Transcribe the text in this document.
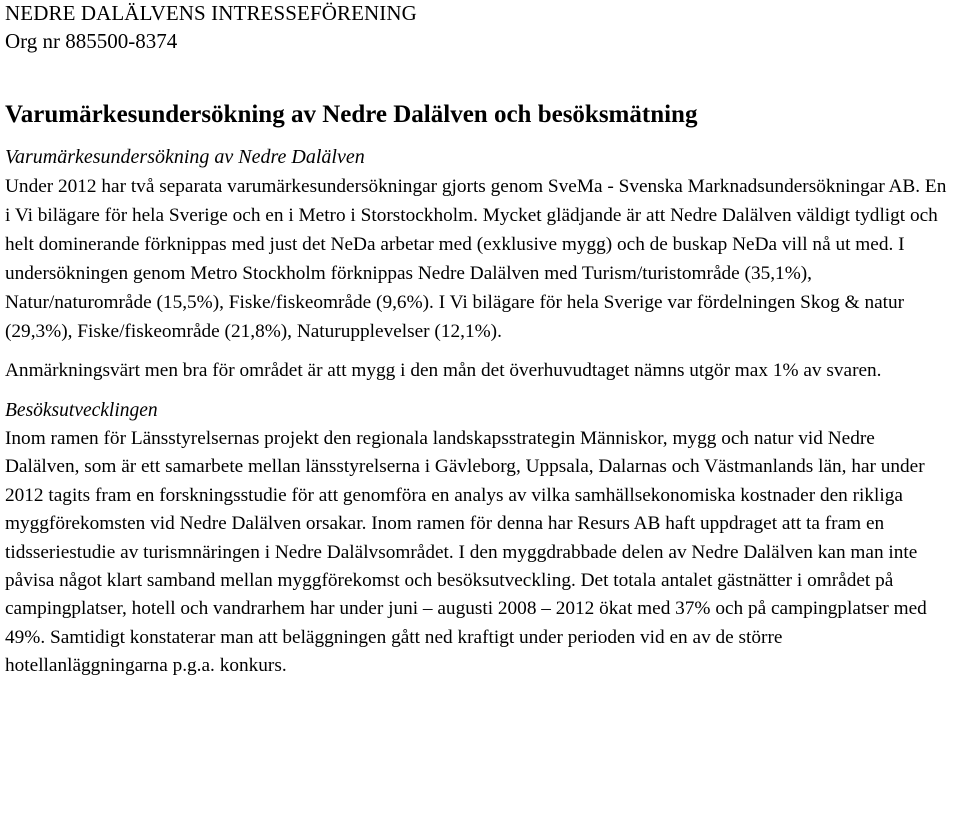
NEDRE DALÄLVENS INTRESSEFÖRENING

Org nr 885500-8374

Varumärkesundersökning av Nedre Dalälven och besöksmätning
Varumärkesundersökning av Nedre Dalälven

Under 2012 har två separata varumärkesundersökningar gjorts genom SveMa - Svenska Marknadsundersökningar AB. En i Vi bilägare för hela Sverige och en i Metro i Storstockholm. Mycket glädjande är att Nedre Dalälven väldigt tydligt och helt dominerande förknippas med just det NeDa arbetar med (exklusive mygg) och de buskap NeDa vill nå ut med. I undersökningen genom Metro Stockholm förknippas Nedre Dalälven med Turism/turistområde (35,1%), Natur/naturområde (15,5%), Fiske/fiskeområde (9,6%). I Vi bilägare för hela Sverige var fördelningen Skog & natur (29,3%), Fiske/fiskeområde (21,8%), Naturupplevelser (12,1%).

Anmärkningsvärt men bra för området är att mygg i den mån det överhuvudtaget nämns utgör max 1% av svaren.

Besöksutvecklingen

Inom ramen för Länsstyrelsernas projekt den regionala landskapsstrategin Människor, mygg och natur vid Nedre Dalälven, som är ett samarbete mellan länsstyrelserna i Gävleborg, Uppsala, Dalarnas och Västmanlands län, har under 2012 tagits fram en forskningsstudie för att genomföra en analys av vilka samhällsekonomiska kostnader den rikliga myggförekomsten vid Nedre Dalälven orsakar. Inom ramen för denna har Resurs AB haft uppdraget att ta fram en tidsseriestudie av turismnäringen i Nedre Dalälvsområdet. I den myggdrabbade delen av Nedre Dalälven kan man inte påvisa något klart samband mellan myggförekomst och besöksutveckling. Det totala antalet gästnätter i området på campingplatser, hotell och vandrarhem har under juni – augusti 2008 – 2012 ökat med 37% och på campingplatser med 49%. Samtidigt konstaterar man att beläggningen gått ned kraftigt under perioden vid en av de större hotellanläggningarna p.g.a. konkurs.
